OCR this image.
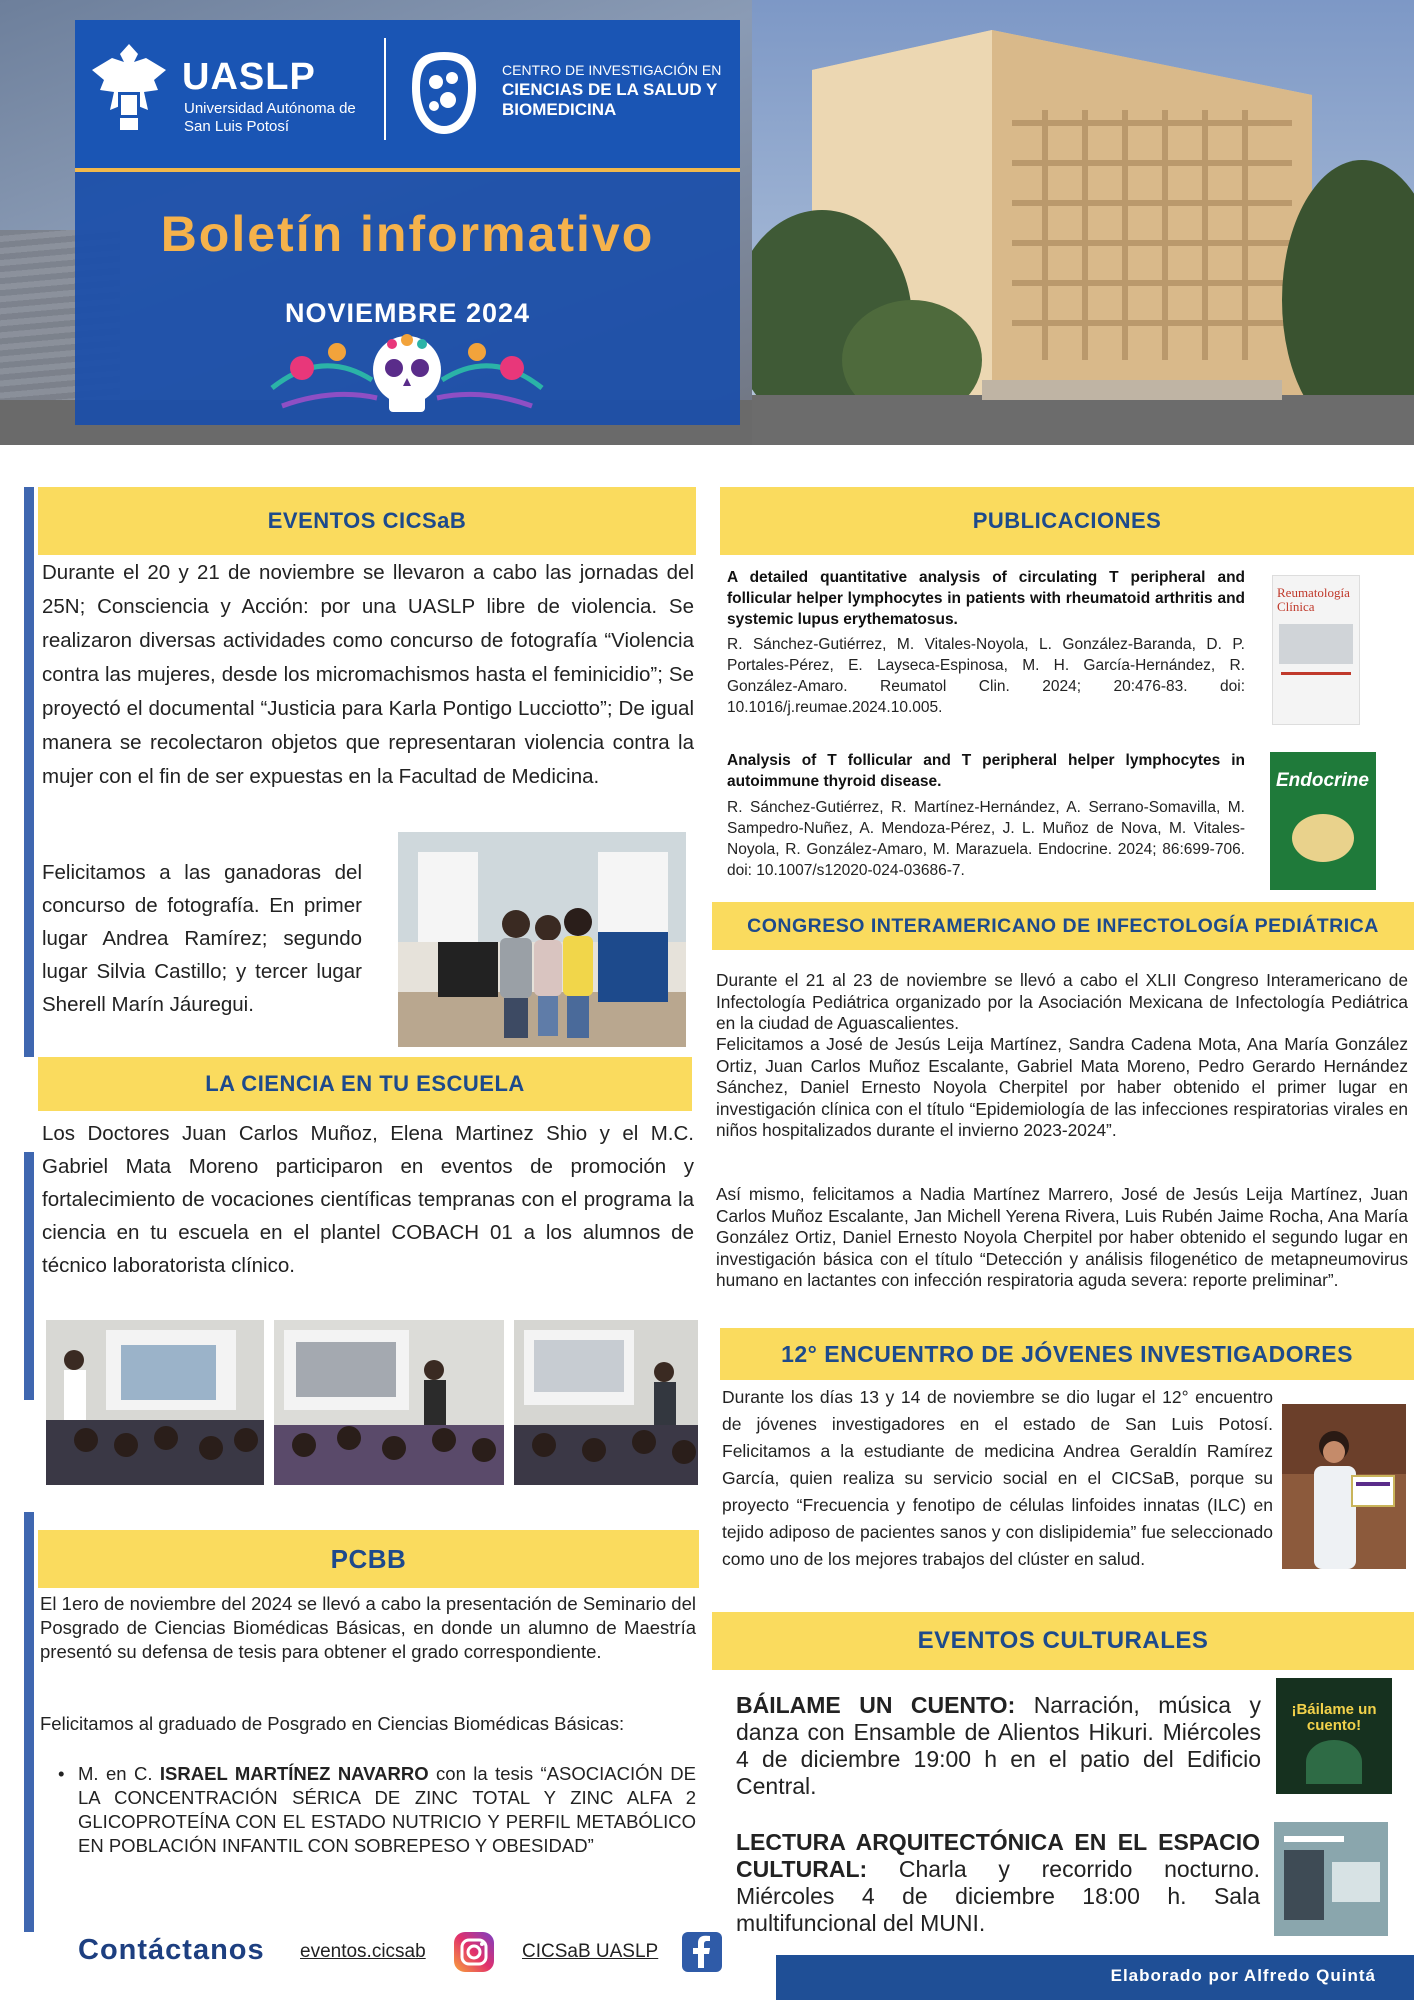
UASLP
Universidad Autónoma de San Luis Potosí
CENTRO DE INVESTIGACIÓN EN
CIENCIAS DE LA SALUD Y BIOMEDICINA
Boletín informativo
NOVIEMBRE 2024
EVENTOS CICSaB
Durante el 20 y 21 de noviembre se llevaron a cabo las jornadas del 25N; Consciencia y Acción: por una UASLP libre de violencia. Se realizaron diversas actividades como concurso de fotografía “Violencia contra las mujeres, desde los micromachismos hasta el feminicidio”; Se proyectó el documental “Justicia para Karla Pontigo Lucciotto”; De igual manera se recolectaron objetos que representaran violencia contra la mujer con el fin de ser expuestas en la Facultad de Medicina.
Felicitamos a las ganadoras del concurso de fotografía. En primer lugar Andrea Ramírez; segundo lugar Silvia Castillo; y tercer lugar Sherell Marín Jáuregui.
LA CIENCIA EN TU ESCUELA
Los Doctores Juan Carlos Muñoz, Elena Martinez Shio y el M.C. Gabriel Mata Moreno participaron en eventos de promoción y fortalecimiento de vocaciones científicas tempranas con el programa la ciencia en tu escuela en el plantel COBACH 01 a los alumnos de técnico laboratorista clínico.
PCBB
El 1ero de noviembre del 2024 se llevó a cabo la presentación de Seminario del Posgrado de Ciencias Biomédicas Básicas, en donde un alumno de Maestría presentó su defensa de tesis para obtener el grado correspondiente.
Felicitamos al graduado de Posgrado en Ciencias Biomédicas Básicas:
• M. en C. ISRAEL MARTÍNEZ NAVARRO con la tesis “ASOCIACIÓN DE LA CONCENTRACIÓN SÉRICA DE ZINC TOTAL Y ZINC ALFA 2 GLICOPROTEÍNA CON EL ESTADO NUTRICIO Y PERFIL METABÓLICO EN POBLACIÓN INFANTIL CON SOBREPESO Y OBESIDAD”
PUBLICACIONES
A detailed quantitative analysis of circulating T peripheral and follicular helper lymphocytes in patients with rheumatoid arthritis and systemic lupus erythematosus.
R. Sánchez-Gutiérrez, M. Vitales-Noyola, L. González-Baranda, D. P. Portales-Pérez, E. Layseca-Espinosa, M. H. García-Hernández, R. González-Amaro. Reumatol Clin. 2024; 20:476-83. doi: 10.1016/j.reumae.2024.10.005.
Reumatología Clínica
Analysis of T follicular and T peripheral helper lymphocytes in autoimmune thyroid disease.
R. Sánchez-Gutiérrez, R. Martínez-Hernández, A. Serrano-Somavilla, M. Sampedro-Nuñez, A. Mendoza-Pérez, J. L. Muñoz de Nova, M. Vitales-Noyola, R. González-Amaro, M. Marazuela. Endocrine. 2024; 86:699-706. doi: 10.1007/s12020-024-03686-7.
Endocrine
CONGRESO INTERAMERICANO DE INFECTOLOGÍA PEDIÁTRICA
Durante el 21 al 23 de noviembre se llevó a cabo el XLII Congreso Interamericano de Infectología Pediátrica organizado por la Asociación Mexicana de Infectología Pediátrica en la ciudad de Aguascalientes.
Felicitamos a José de Jesús Leija Martínez, Sandra Cadena Mota, Ana María González Ortiz, Juan Carlos Muñoz Escalante, Gabriel Mata Moreno, Pedro Gerardo Hernández Sánchez, Daniel Ernesto Noyola Cherpitel por haber obtenido el primer lugar en investigación clínica con el título “Epidemiología de las infecciones respiratorias virales en niños hospitalizados durante el invierno 2023-2024”.
Así mismo, felicitamos a Nadia Martínez Marrero, José de Jesús Leija Martínez, Juan Carlos Muñoz Escalante, Jan Michell Yerena Rivera, Luis Rubén Jaime Rocha, Ana María González Ortiz, Daniel Ernesto Noyola Cherpitel por haber obtenido el segundo lugar en investigación básica con el título “Detección y análisis filogenético de metapneumovirus humano en lactantes con infección respiratoria aguda severa: reporte preliminar”.
12° ENCUENTRO DE JÓVENES INVESTIGADORES
Durante los días 13 y 14 de noviembre se dio lugar el 12° encuentro de jóvenes investigadores en el estado de San Luis Potosí. Felicitamos a la estudiante de medicina Andrea Geraldín Ramírez García, quien realiza su servicio social en el CICSaB, porque su proyecto “Frecuencia y fenotipo de células linfoides innatas (ILC) en tejido adiposo de pacientes sanos y con dislipidemia” fue seleccionado como uno de los mejores trabajos del clúster en salud.
EVENTOS CULTURALES
BÁILAME UN CUENTO: Narración, música y danza con Ensamble de Alientos Hikuri. Miércoles 4 de diciembre 19:00 h en el patio del Edificio Central.
¡Báilame un cuento!
LECTURA ARQUITECTÓNICA EN EL ESPACIO CULTURAL: Charla y recorrido nocturno. Miércoles 4 de diciembre 18:00 h. Sala multifuncional del MUNI.
Contáctanos eventos.cicsab	CICSaB UASLP
Elaborado por Alfredo Quintá
